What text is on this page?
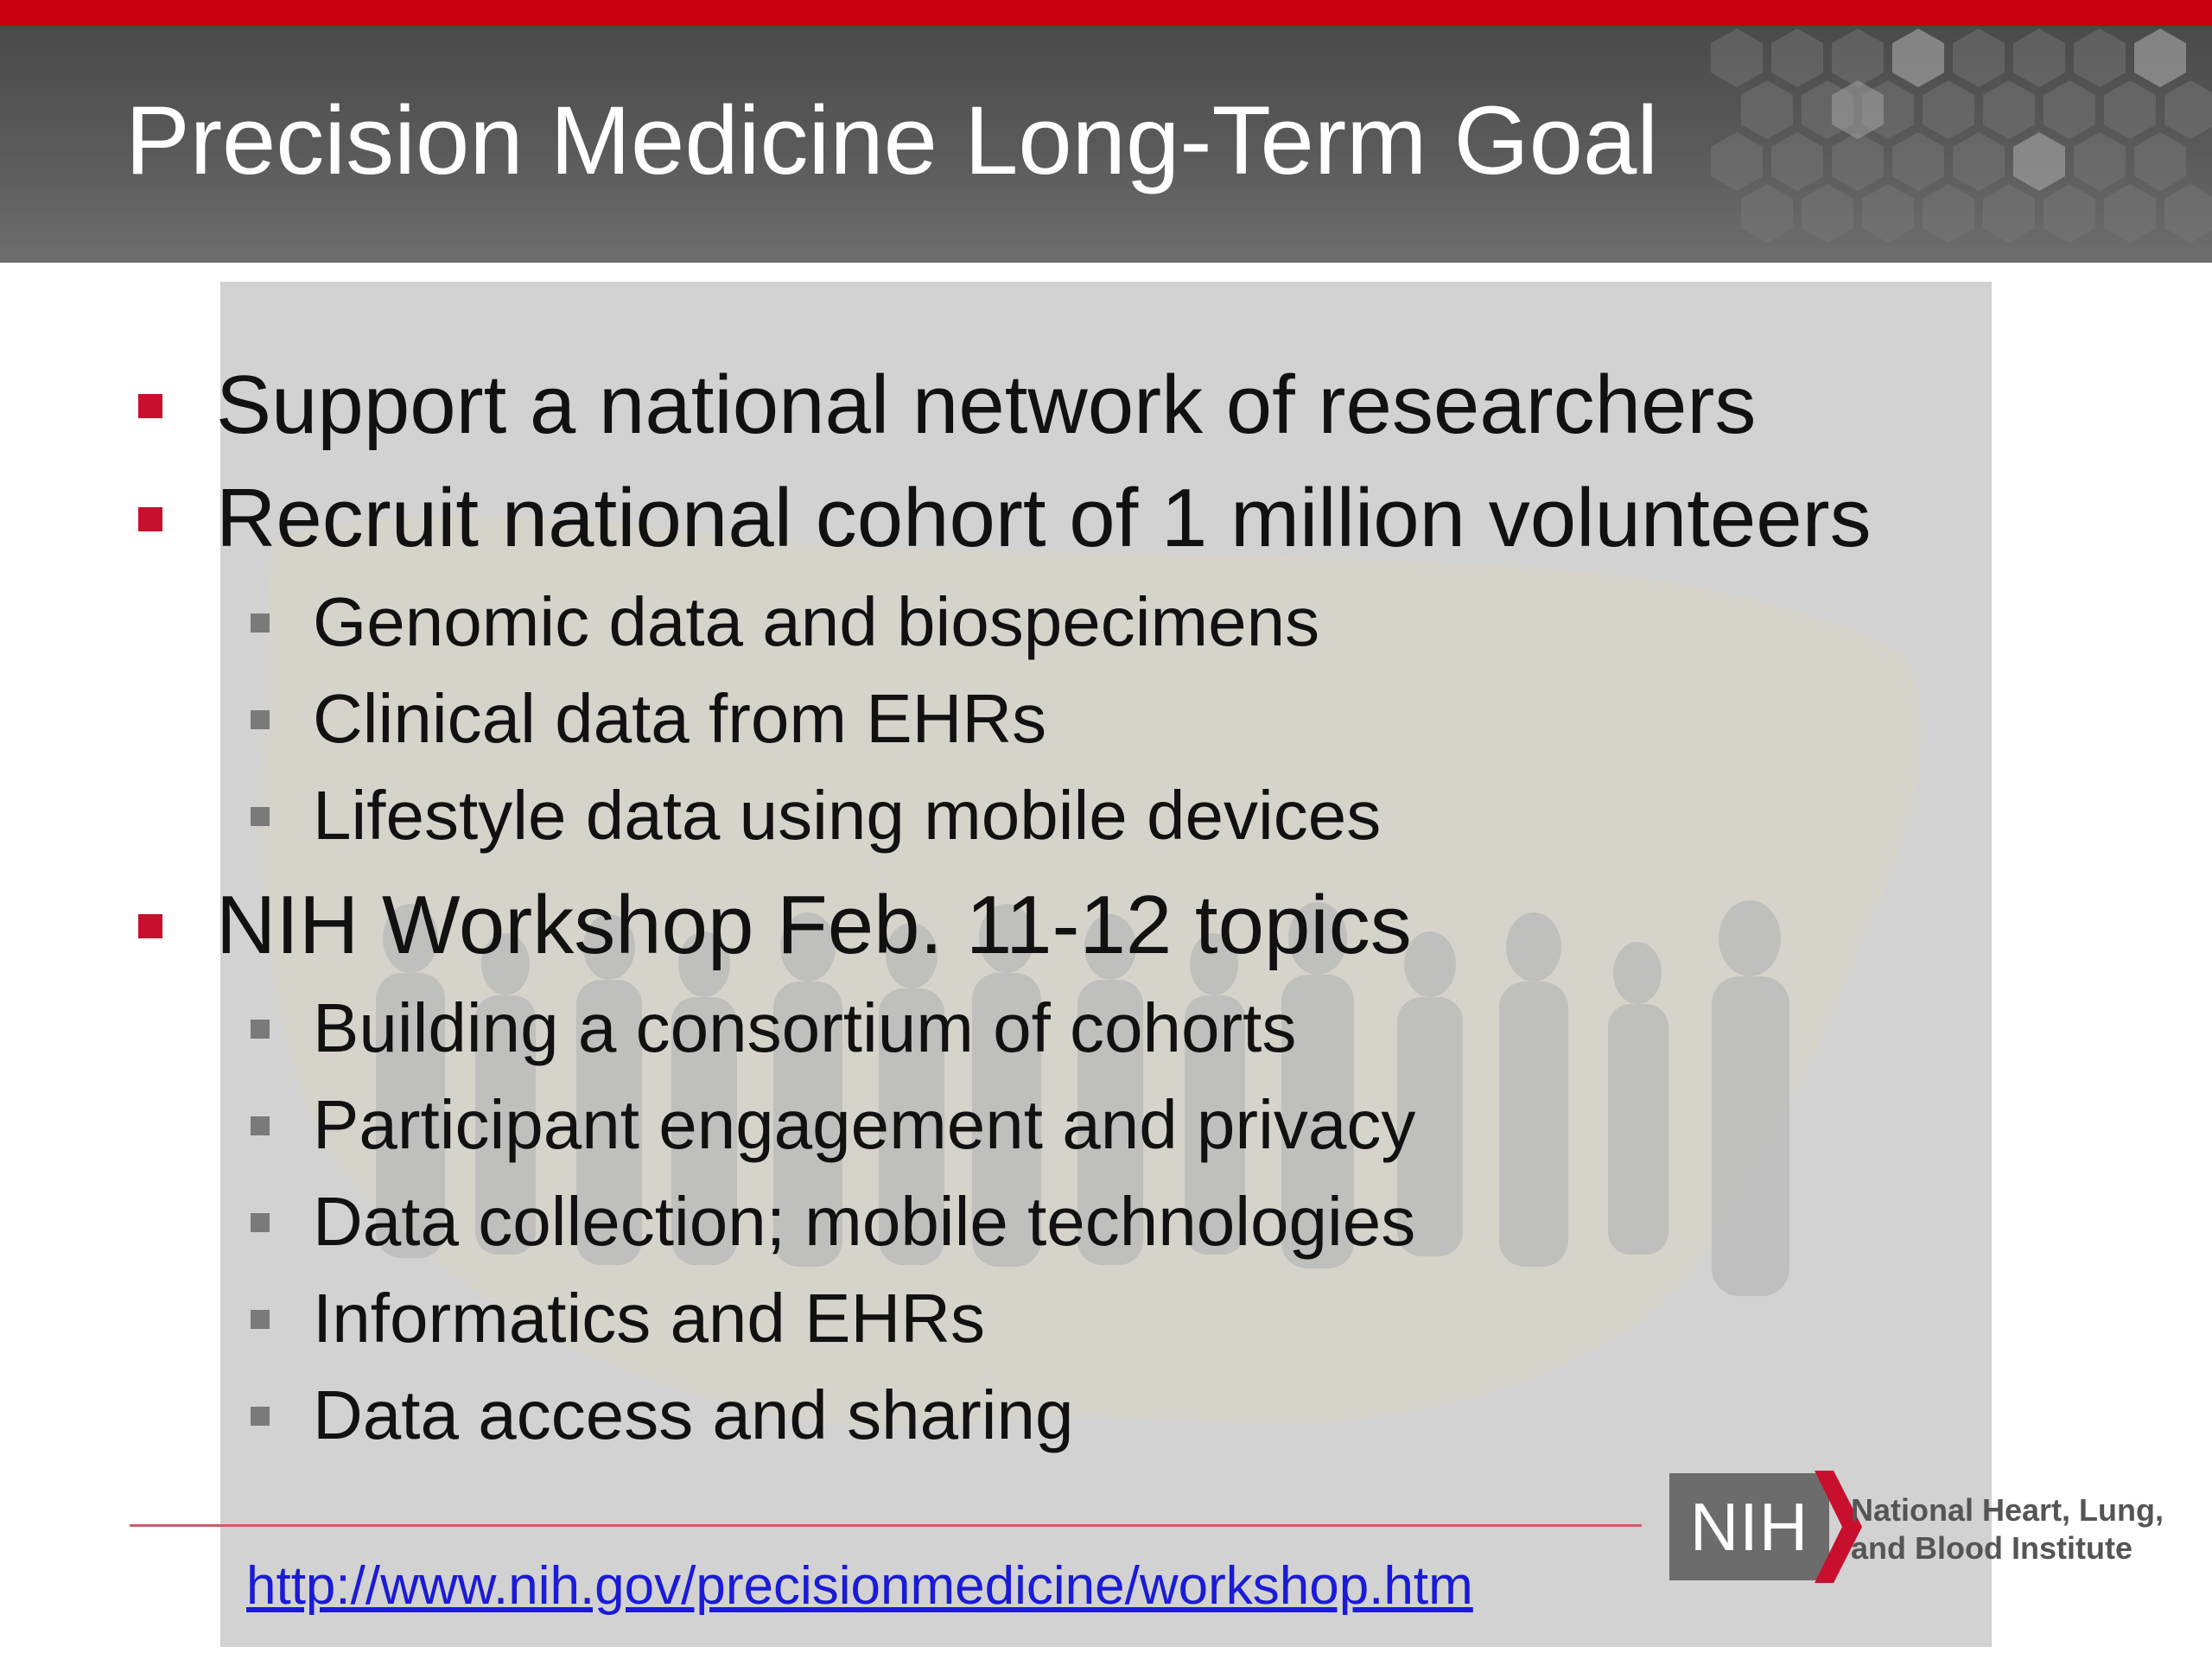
Precision Medicine Long-Term Goal
Support a national network of researchers
Recruit national cohort of 1 million volunteers
Genomic data and biospecimens
Clinical data from EHRs
Lifestyle data using mobile devices
NIH Workshop Feb. 11-12 topics
Building a consortium of cohorts
Participant engagement and privacy
Data collection; mobile technologies
Informatics and EHRs
Data access and sharing
http://www.nih.gov/precisionmedicine/workshop.htm
NIH	National Heart, Lung,
and Blood Institute
